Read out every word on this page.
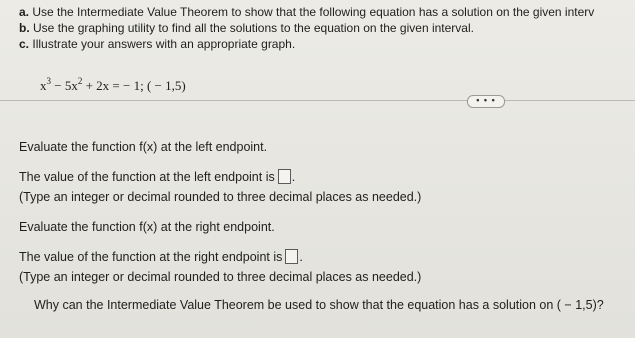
a. Use the Intermediate Value Theorem to show that the following equation has a solution on the given interv
b. Use the graphing utility to find all the solutions to the equation on the given interval.
c. Illustrate your answers with an appropriate graph.
$x^3 - 5x^2 + 2x$ = − 1; ( − 1,5)
• • •
Evaluate the function f(x) at the left endpoint.
The value of the function at the left endpoint is .
(Type an integer or decimal rounded to three decimal places as needed.)
Evaluate the function f(x) at the right endpoint.
The value of the function at the right endpoint is .
(Type an integer or decimal rounded to three decimal places as needed.)
Why can the Intermediate Value Theorem be used to show that the equation has a solution on ( − 1,5)?
